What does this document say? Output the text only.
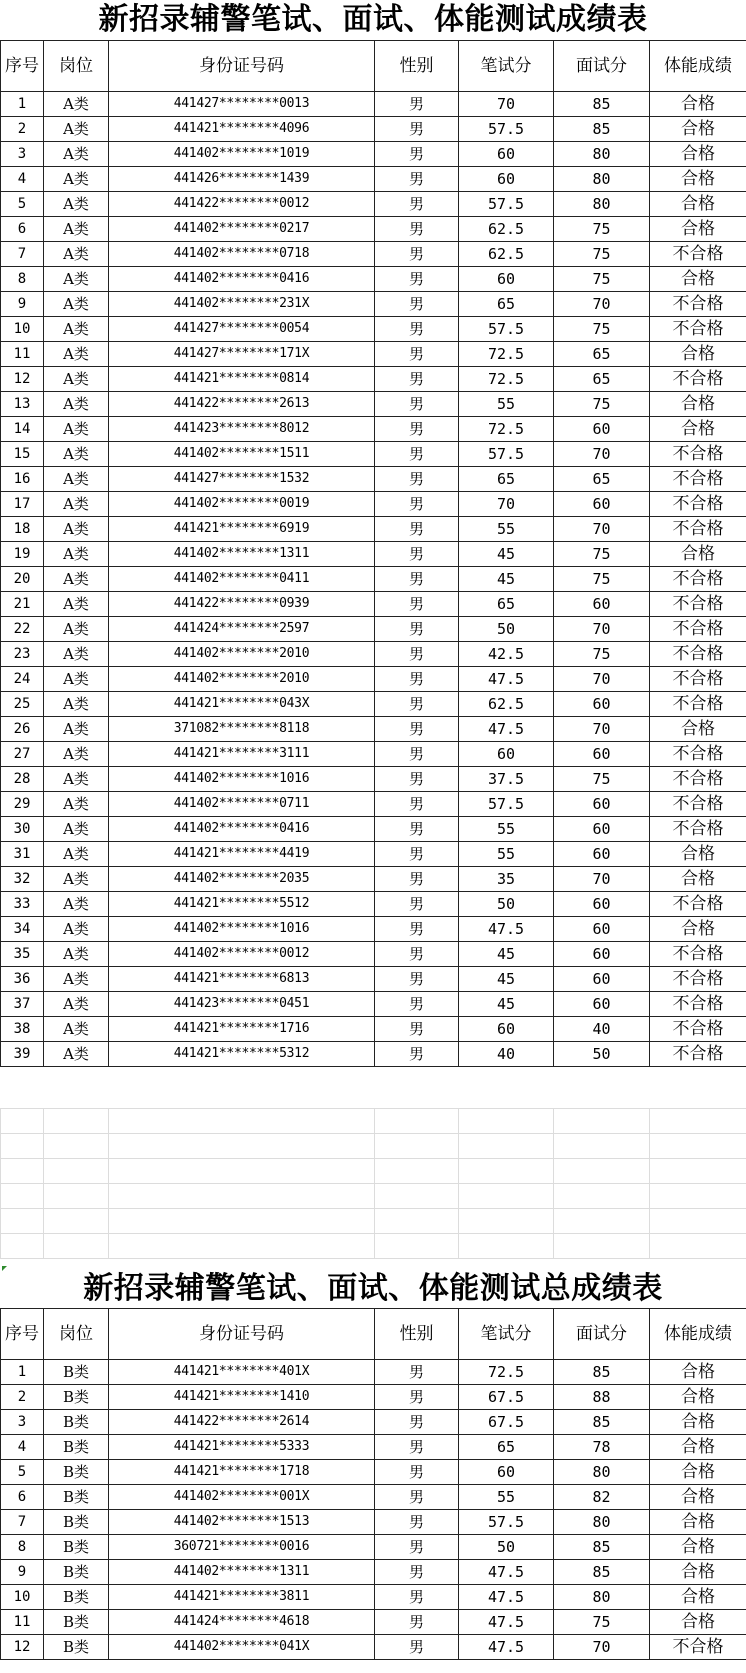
新招录辅警笔试、面试、体能测试成绩表
序号	岗位	身份证号码	性别	笔试分	面试分	体能成绩
1	A类	441427********0013	男	70	85	合格
2	A类	441421********4096	男	57.5	85	合格
3	A类	441402********1019	男	60	80	合格
4	A类	441426********1439	男	60	80	合格
5	A类	441422********0012	男	57.5	80	合格
6	A类	441402********0217	男	62.5	75	合格
7	A类	441402********0718	男	62.5	75	不合格
8	A类	441402********0416	男	60	75	合格
9	A类	441402********231X	男	65	70	不合格
10	A类	441427********0054	男	57.5	75	不合格
11	A类	441427********171X	男	72.5	65	合格
12	A类	441421********0814	男	72.5	65	不合格
13	A类	441422********2613	男	55	75	合格
14	A类	441423********8012	男	72.5	60	合格
15	A类	441402********1511	男	57.5	70	不合格
16	A类	441427********1532	男	65	65	不合格
17	A类	441402********0019	男	70	60	不合格
18	A类	441421********6919	男	55	70	不合格
19	A类	441402********1311	男	45	75	合格
20	A类	441402********0411	男	45	75	不合格
21	A类	441422********0939	男	65	60	不合格
22	A类	441424********2597	男	50	70	不合格
23	A类	441402********2010	男	42.5	75	不合格
24	A类	441402********2010	男	47.5	70	不合格
25	A类	441421********043X	男	62.5	60	不合格
26	A类	371082********8118	男	47.5	70	合格
27	A类	441421********3111	男	60	60	不合格
28	A类	441402********1016	男	37.5	75	不合格
29	A类	441402********0711	男	57.5	60	不合格
30	A类	441402********0416	男	55	60	不合格
31	A类	441421********4419	男	55	60	合格
32	A类	441402********2035	男	35	70	合格
33	A类	441421********5512	男	50	60	不合格
34	A类	441402********1016	男	47.5	60	合格
35	A类	441402********0012	男	45	60	不合格
36	A类	441421********6813	男	45	60	不合格
37	A类	441423********0451	男	45	60	不合格
38	A类	441421********1716	男	60	40	不合格
39	A类	441421********5312	男	40	50	不合格

新招录辅警笔试、面试、体能测试总成绩表
序号	岗位	身份证号码	性别	笔试分	面试分	体能成绩
1	B类	441421********401X	男	72.5	85	合格
2	B类	441421********1410	男	67.5	88	合格
3	B类	441422********2614	男	67.5	85	合格
4	B类	441421********5333	男	65	78	合格
5	B类	441421********1718	男	60	80	合格
6	B类	441402********001X	男	55	82	合格
7	B类	441402********1513	男	57.5	80	合格
8	B类	360721********0016	男	50	85	合格
9	B类	441402********1311	男	47.5	85	合格
10	B类	441421********3811	男	47.5	80	合格
11	B类	441424********4618	男	47.5	75	合格
12	B类	441402********041X	男	47.5	70	不合格
